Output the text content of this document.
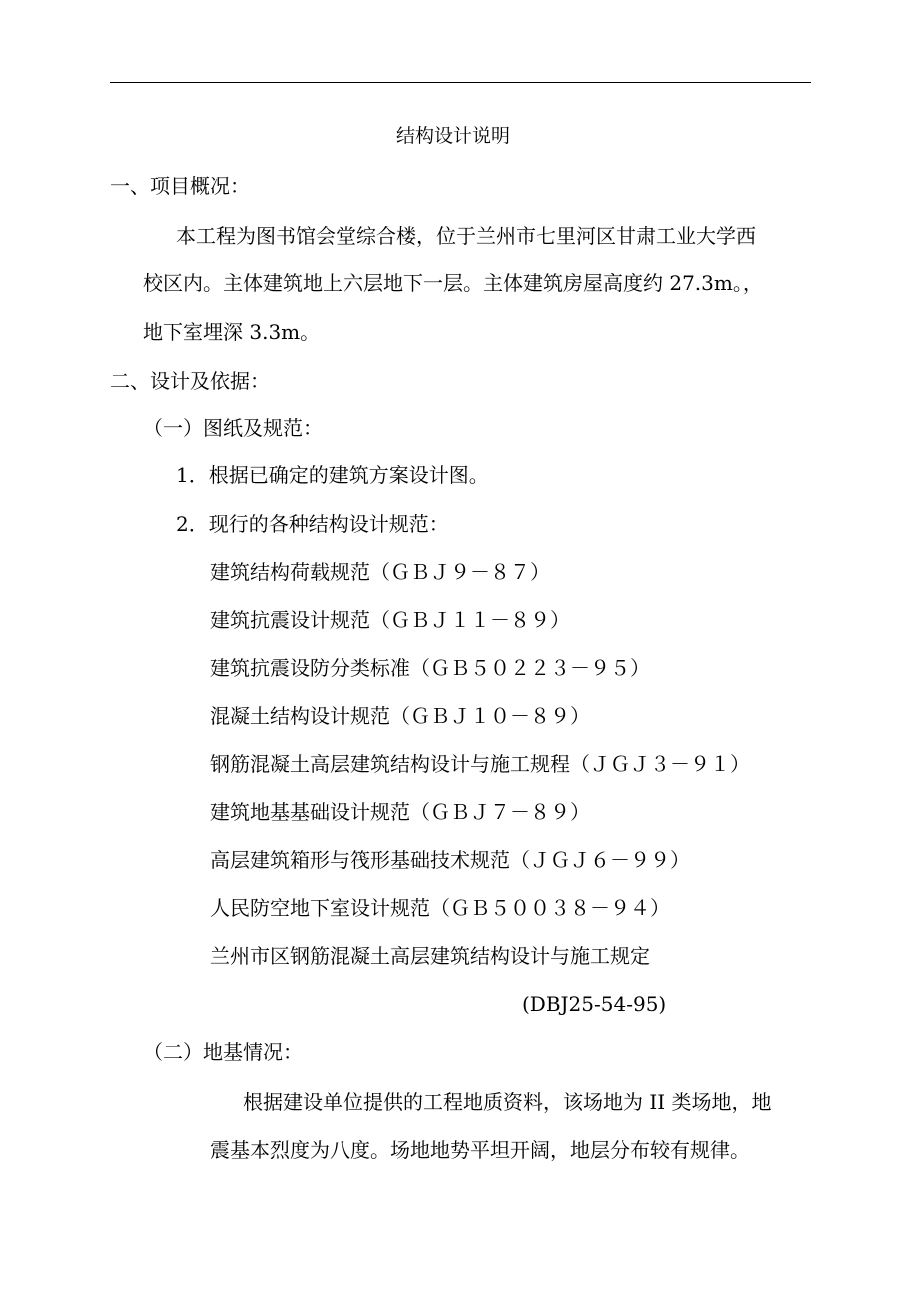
结构设计说明
一、项目概况：
本工程为图书馆会堂综合楼，位于兰州市七里河区甘肃工业大学西
校区内。主体建筑地上六层地下一层。主体建筑房屋高度约 27.3m。，
地下室埋深 3.3m。
二、设计及依据：
（一）图纸及规范：
1．根据已确定的建筑方案设计图。
2．现行的各种结构设计规范：
建筑结构荷载规范（ＧＢＪ９－８７）
建筑抗震设计规范（ＧＢＪ１１－８９）
建筑抗震设防分类标准（ＧＢ５０２２３－９５）
混凝土结构设计规范（ＧＢＪ１０－８９）
钢筋混凝土高层建筑结构设计与施工规程（ＪＧＪ３－９１）
建筑地基基础设计规范（ＧＢＪ７－８９）
高层建筑箱形与筏形基础技术规范（ＪＧＪ６－９９）
人民防空地下室设计规范（ＧＢ５００３８－９４）
兰州市区钢筋混凝土高层建筑结构设计与施工规定
(DBJ25-54-95)
（二）地基情况：
根据建设单位提供的工程地质资料，该场地为 II 类场地，地
震基本烈度为八度。场地地势平坦开阔，地层分布较有规律。
